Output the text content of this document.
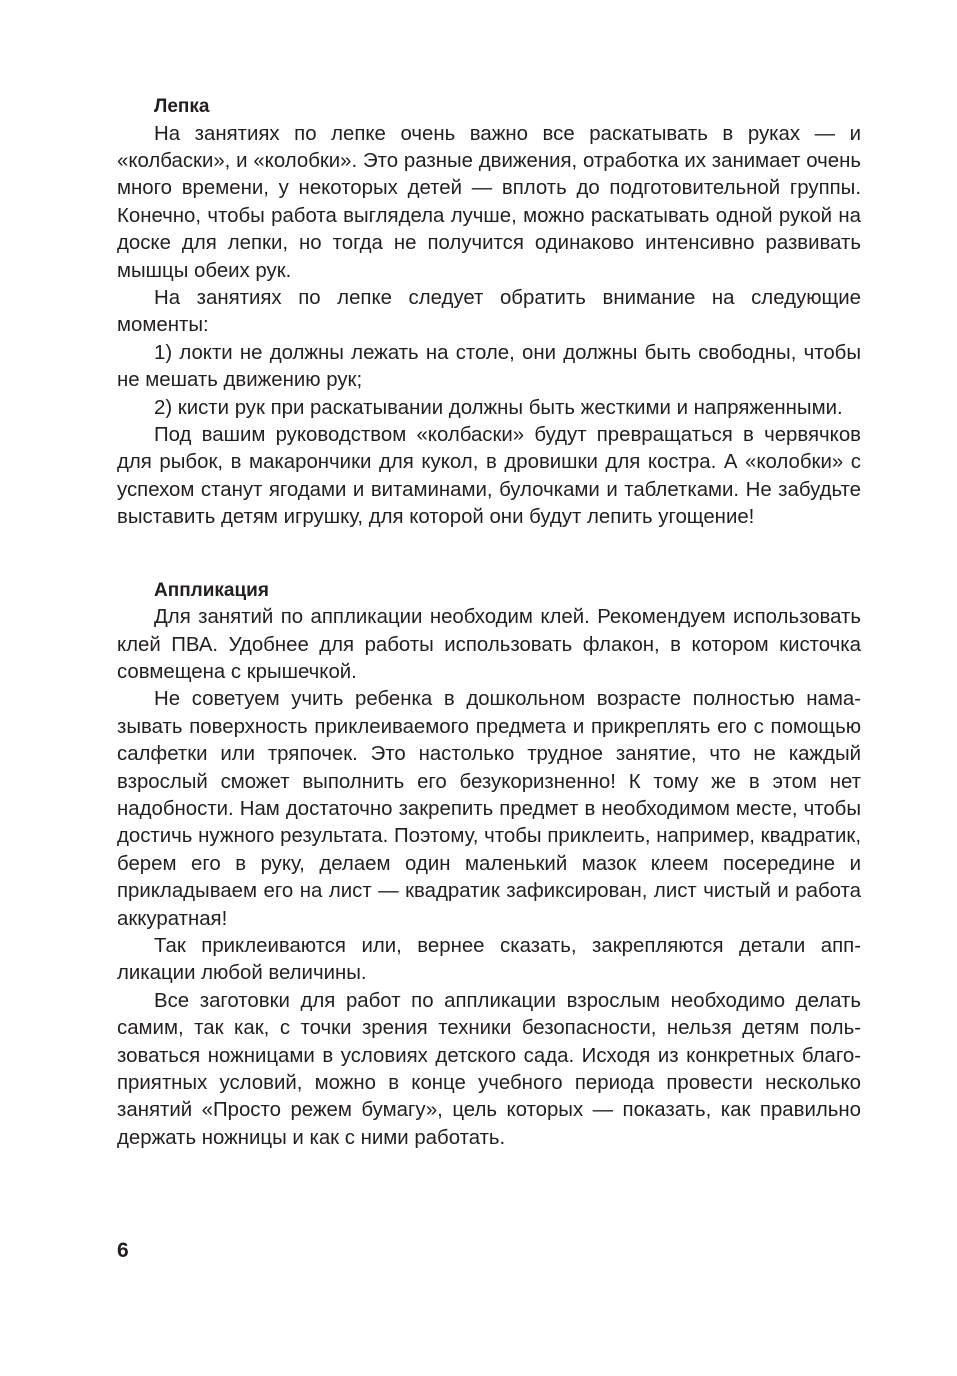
Лепка

На занятиях по лепке очень важно все раскатывать в руках — и «колбаски», и «колобки». Это разные движения, отработка их занимает очень много времени, у некоторых детей — вплоть до подготовительной группы. Конечно, чтобы работа выглядела лучше, можно раскатывать одной рукой на доске для лепки, но тогда не получится одинаково интенсивно развивать мышцы обеих рук.

На занятиях по лепке следует обратить внимание на следующие моменты:

1) локти не должны лежать на столе, они должны быть свободны, чтобы не мешать движению рук;

2) кисти рук при раскатывании должны быть жесткими и напряженными.

Под вашим руководством «колбаски» будут превращаться в червячков для рыбок, в макарончики для кукол, в дровишки для костра. А «колобки» с успехом станут ягодами и витаминами, булочками и таблетками. Не забудьте выставить детям игрушку, для которой они будут лепить угощение!

Аппликация

Для занятий по аппликации необходим клей. Рекомендуем использовать клей ПВА. Удобнее для работы использовать флакон, в котором кисточка совмещена с крышечкой.

Не советуем учить ребенка в дошкольном возрасте полностью намазывать поверхность приклеиваемого предмета и прикреплять его с помощью салфетки или тряпочек. Это настолько трудное занятие, что не каждый взрослый сможет выполнить его безукоризненно! К тому же в этом нет надобности. Нам достаточно закрепить предмет в необходимом месте, чтобы достичь нужного результата. Поэтому, чтобы приклеить, например, квадратик, берем его в руку, делаем один маленький мазок клеем посередине и прикладываем его на лист — квадратик зафиксирован, лист чистый и работа аккуратная!

Так приклеиваются или, вернее сказать, закрепляются детали аппликации любой величины.

Все заготовки для работ по аппликации взрослым необходимо делать самим, так как, с точки зрения техники безопасности, нельзя детям пользоваться ножницами в условиях детского сада. Исходя из конкретных благоприятных условий, можно в конце учебного периода провести несколько занятий «Просто режем бумагу», цель которых — показать, как правильно держать ножницы и как с ними работать.

6
